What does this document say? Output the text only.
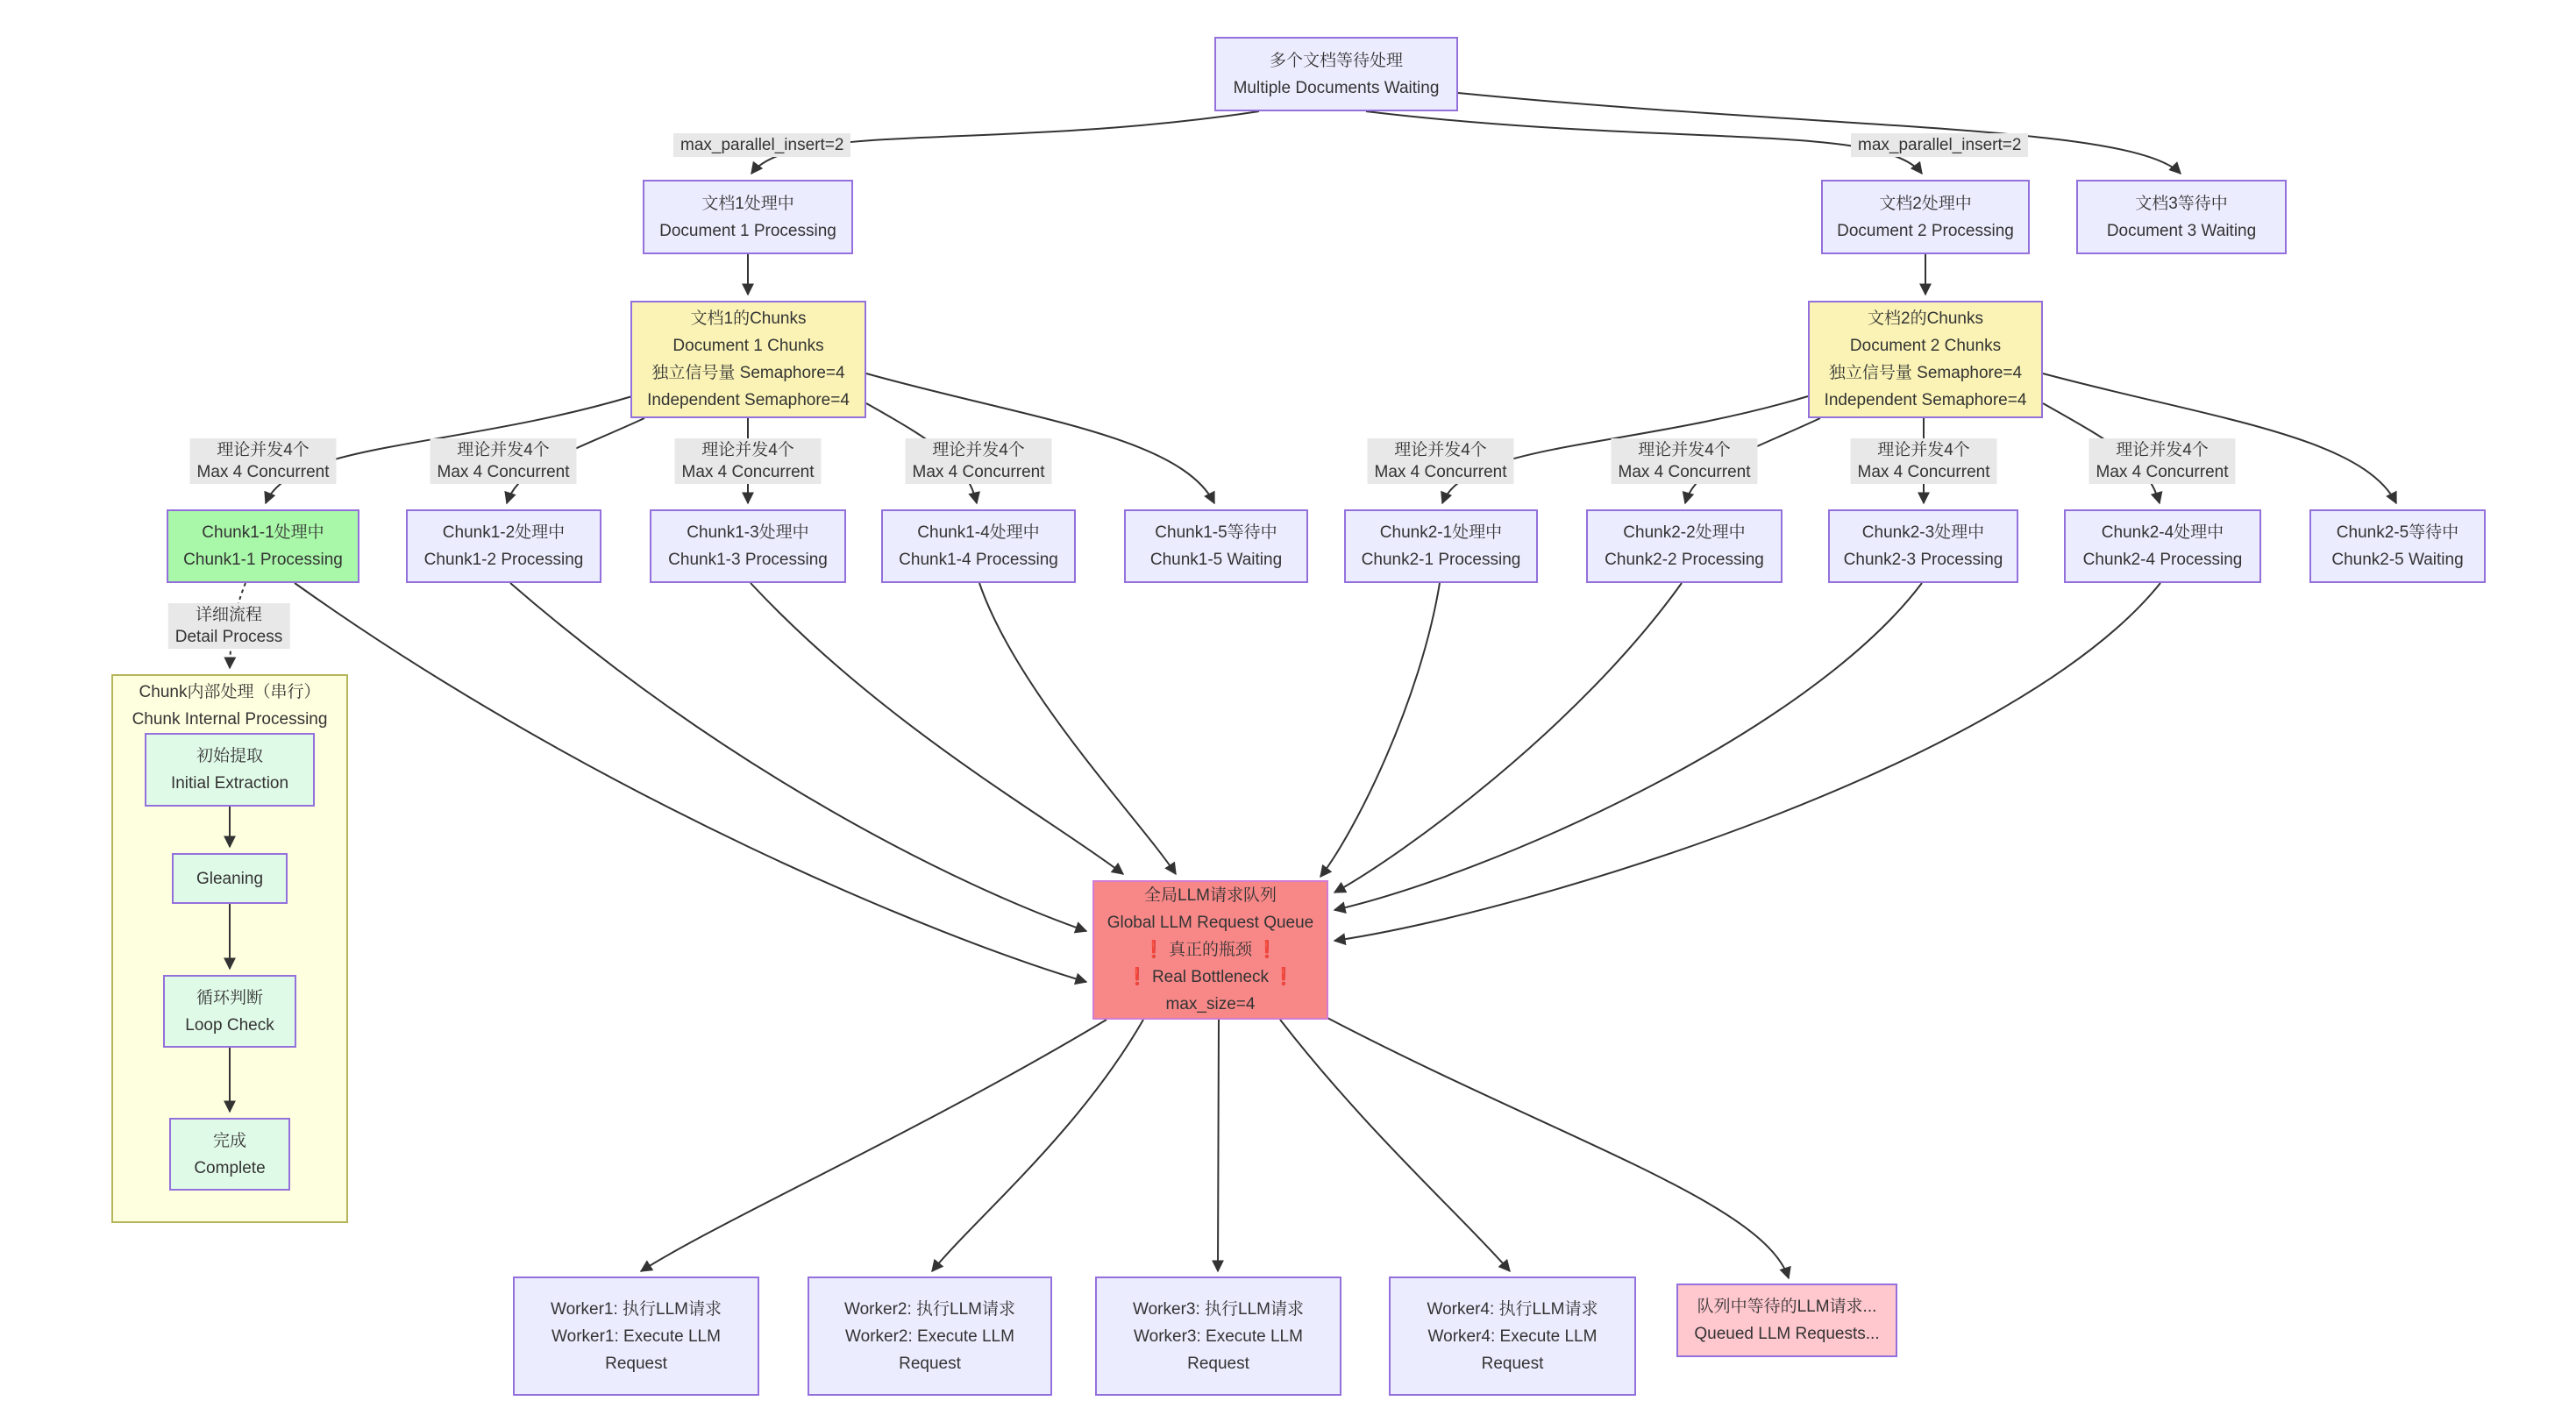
Chunk内部处理（串行）
Chunk Internal Processing
多个文档等待处理
Multiple Documents Waiting
文档1处理中
Document 1 Processing
文档2处理中
Document 2 Processing
文档3等待中
Document 3 Waiting
文档1的Chunks
Document 1 Chunks
独立信号量 Semaphore=4
Independent Semaphore=4
文档2的Chunks
Document 2 Chunks
独立信号量 Semaphore=4
Independent Semaphore=4
Chunk1-1处理中
Chunk1-1 Processing
Chunk1-2处理中
Chunk1-2 Processing
Chunk1-3处理中
Chunk1-3 Processing
Chunk1-4处理中
Chunk1-4 Processing
Chunk1-5等待中
Chunk1-5 Waiting
Chunk2-1处理中
Chunk2-1 Processing
Chunk2-2处理中
Chunk2-2 Processing
Chunk2-3处理中
Chunk2-3 Processing
Chunk2-4处理中
Chunk2-4 Processing
Chunk2-5等待中
Chunk2-5 Waiting
初始提取
Initial Extraction
Gleaning
循环判断
Loop Check
完成
Complete
全局LLM请求队列
Global LLM Request Queue
❗ 真正的瓶颈 ❗
❗ Real Bottleneck ❗
max_size=4
Worker1: 执行LLM请求
Worker1: Execute LLM
Request
Worker2: 执行LLM请求
Worker2: Execute LLM
Request
Worker3: 执行LLM请求
Worker3: Execute LLM
Request
Worker4: 执行LLM请求
Worker4: Execute LLM
Request
队列中等待的LLM请求...
Queued LLM Requests...
max_parallel_insert=2	max_parallel_insert=2
理论并发4个
Max 4 Concurrent
理论并发4个
Max 4 Concurrent
理论并发4个
Max 4 Concurrent
理论并发4个
Max 4 Concurrent
理论并发4个
Max 4 Concurrent
理论并发4个
Max 4 Concurrent
理论并发4个
Max 4 Concurrent
理论并发4个
Max 4 Concurrent
详细流程
Detail Process
